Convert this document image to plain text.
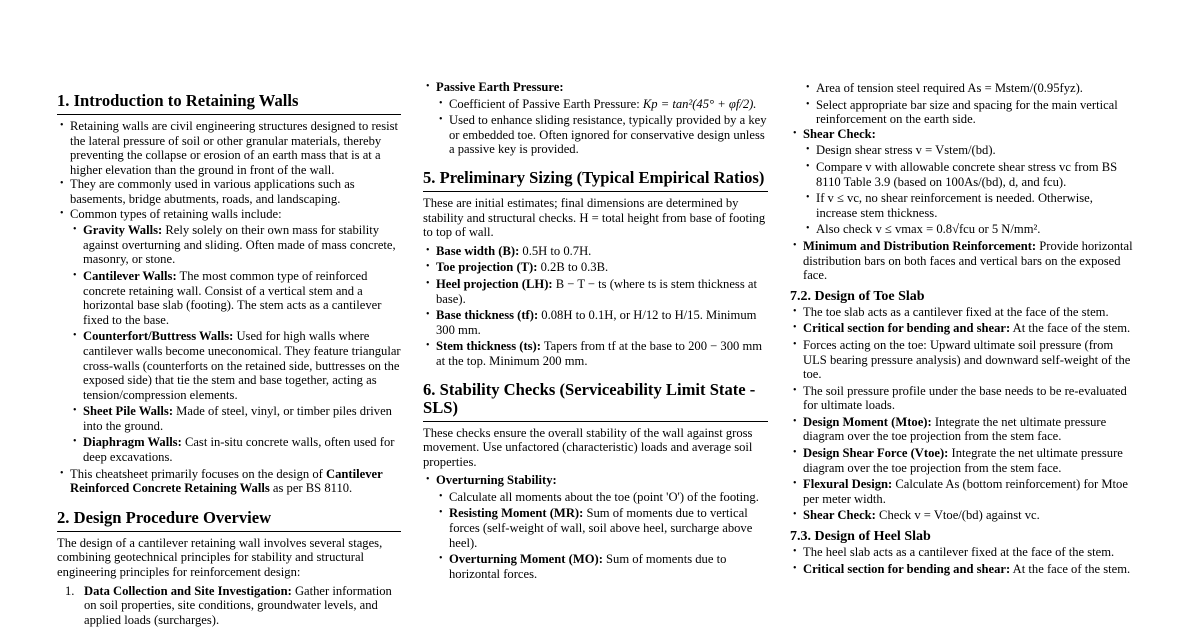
1. Introduction to Retaining Walls
• Retaining walls are civil engineering structures designed to resist the lateral pressure of soil or other granular materials, thereby preventing the collapse or erosion of an earth mass that is at a higher elevation than the ground in front of the wall.
• They are commonly used in various applications such as basements, bridge abutments, roads, and landscaping.
• Common types of retaining walls include:
• Gravity Walls: Rely solely on their own mass for stability against overturning and sliding. Often made of mass concrete, masonry, or stone.
• Cantilever Walls: The most common type of reinforced concrete retaining wall. Consist of a vertical stem and a horizontal base slab (footing). The stem acts as a cantilever fixed to the base.
• Counterfort/Buttress Walls: Used for high walls where cantilever walls become uneconomical. They feature triangular cross-walls (counterforts on the retained side, buttresses on the exposed side) that tie the stem and base together, acting as tension/compression elements.
• Sheet Pile Walls: Made of steel, vinyl, or timber piles driven into the ground.
• Diaphragm Walls: Cast in-situ concrete walls, often used for deep excavations.
• This cheatsheet primarily focuses on the design of Cantilever Reinforced Concrete Retaining Walls as per BS 8110.
2. Design Procedure Overview

The design of a cantilever retaining wall involves several stages, combining geotechnical principles for stability and structural engineering principles for reinforcement design:

1. Data Collection and Site Investigation: Gather information on soil properties, site conditions, groundwater levels, and applied loads (surcharges).
• Passive Earth Pressure:
• Coefficient of Passive Earth Pressure: Kp = tan²(45° + φf/2).
• Used to enhance sliding resistance, typically provided by a key or embedded toe. Often ignored for conservative design unless a passive key is provided.
5. Preliminary Sizing (Typical Empirical Ratios)

These are initial estimates; final dimensions are determined by stability and structural checks. H = total height from base of footing to top of wall.

• Base width (B): 0.5H to 0.7H.
• Toe projection (T): 0.2B to 0.3B.
• Heel projection (LH): B − T − ts (where ts is stem thickness at base).
• Base thickness (tf): 0.08H to 0.1H, or H/12 to H/15. Minimum 300 mm.
• Stem thickness (ts): Tapers from tf at the base to 200 − 300 mm at the top. Minimum 200 mm.
6. Stability Checks (Serviceability Limit State - SLS)

These checks ensure the overall stability of the wall against gross movement. Use unfactored (characteristic) loads and average soil properties.

• Overturning Stability:
• Calculate all moments about the toe (point 'O') of the footing.
• Resisting Moment (MR): Sum of moments due to vertical forces (self-weight of wall, soil above heel, surcharge above heel).
• Overturning Moment (MO): Sum of moments due to horizontal forces.
• Area of tension steel required As = Mstem/(0.95fyz).
• Select appropriate bar size and spacing for the main vertical reinforcement on the earth side.
• Shear Check:
• Design shear stress v = Vstem/(bd).
• Compare v with allowable concrete shear stress vc from BS 8110 Table 3.9 (based on 100As/(bd), d, and fcu).
• If v ≤ vc, no shear reinforcement is needed. Otherwise, increase stem thickness.
• Also check v ≤ vmax = 0.8√fcu or 5 N/mm².
• Minimum and Distribution Reinforcement: Provide horizontal distribution bars on both faces and vertical bars on the exposed face.
7.2. Design of Toe Slab
• The toe slab acts as a cantilever fixed at the face of the stem.
• Critical section for bending and shear: At the face of the stem.
• Forces acting on the toe: Upward ultimate soil pressure (from ULS bearing pressure analysis) and downward self-weight of the toe.
• The soil pressure profile under the base needs to be re-evaluated for ultimate loads.
• Design Moment (Mtoe): Integrate the net ultimate pressure diagram over the toe projection from the stem face.
• Design Shear Force (Vtoe): Integrate the net ultimate pressure diagram over the toe projection from the stem face.
• Flexural Design: Calculate As (bottom reinforcement) for Mtoe per meter width.
• Shear Check: Check v = Vtoe/(bd) against vc.
7.3. Design of Heel Slab
• The heel slab acts as a cantilever fixed at the face of the stem.
• Critical section for bending and shear: At the face of the stem.
